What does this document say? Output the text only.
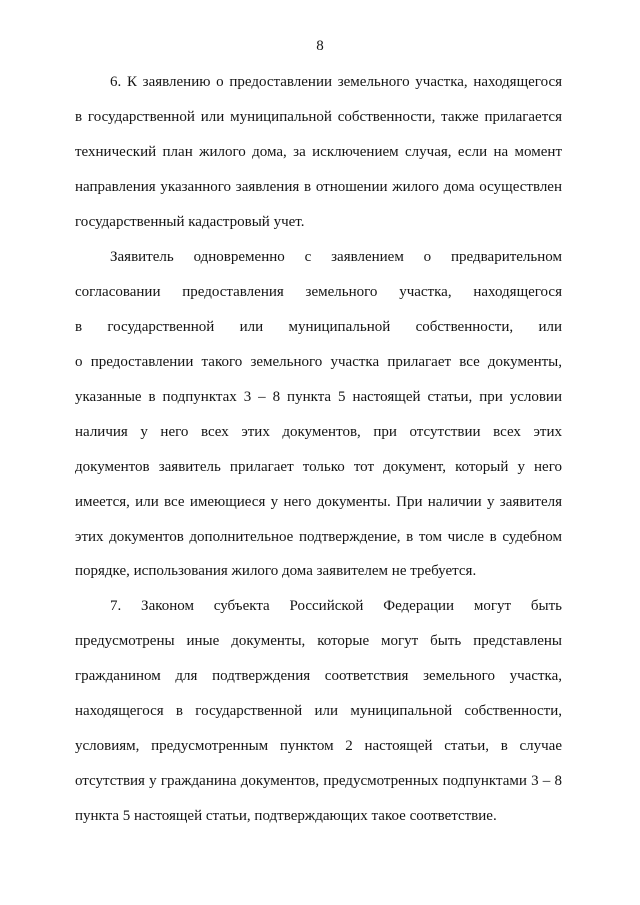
8
6. К заявлению о предоставлении земельного участка, находящегося
в государственной или муниципальной собственности, также прилагается
технический план жилого дома, за исключением случая, если на момент
направления указанного заявления в отношении жилого дома осуществлен
государственный кадастровый учет.
Заявитель одновременно с заявлением о предварительном
согласовании предоставления земельного участка, находящегося
в государственной или муниципальной собственности, или
о предоставлении такого земельного участка прилагает все документы,
указанные в подпунктах 3 – 8 пункта 5 настоящей статьи, при условии
наличия у него всех этих документов, при отсутствии всех этих
документов заявитель прилагает только тот документ, который у него
имеется, или все имеющиеся у него документы. При наличии у заявителя
этих документов дополнительное подтверждение, в том числе в судебном
порядке, использования жилого дома заявителем не требуется.
7. Законом субъекта Российской Федерации могут быть
предусмотрены иные документы, которые могут быть представлены
гражданином для подтверждения соответствия земельного участка,
находящегося в государственной или муниципальной собственности,
условиям, предусмотренным пунктом 2 настоящей статьи, в случае
отсутствия у гражданина документов, предусмотренных подпунктами 3 – 8
пункта 5 настоящей статьи, подтверждающих такое соответствие.
